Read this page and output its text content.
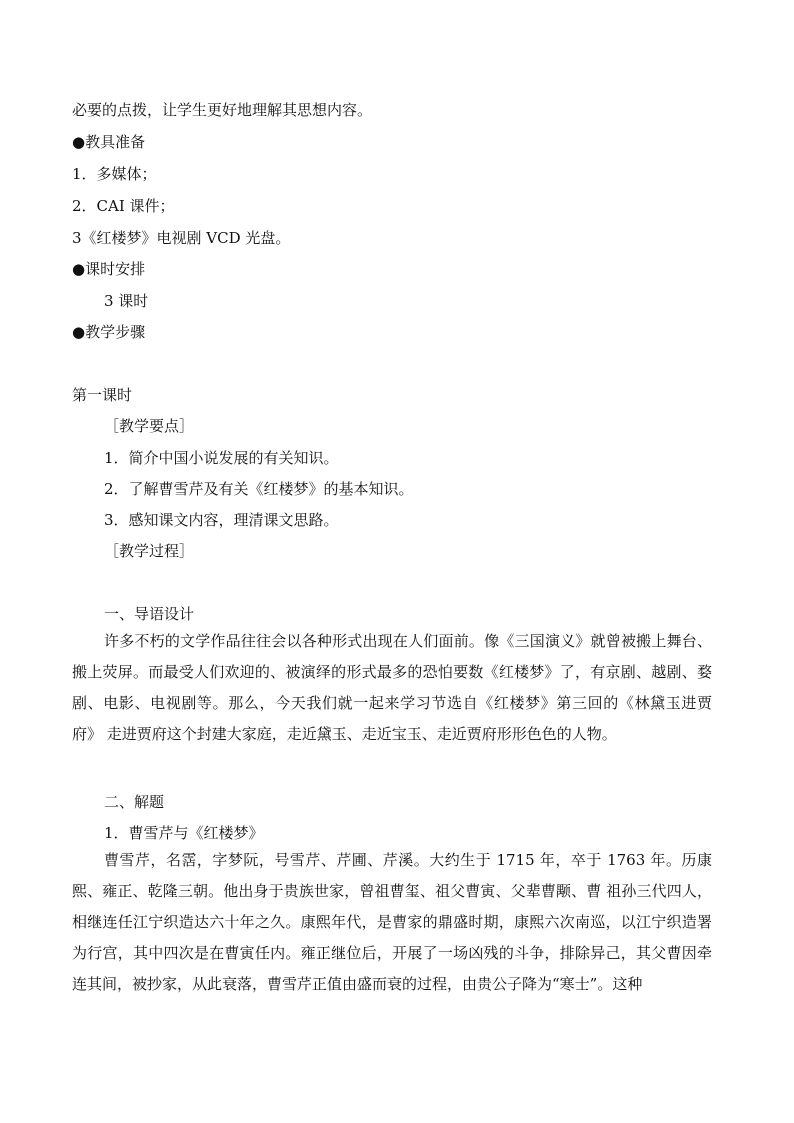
必要的点拨，让学生更好地理解其思想内容。
●教具准备
1．多媒体；
2．CAI 课件；
3《红楼梦》电视剧 VCD 光盘。
●课时安排
3 课时
●教学步骤
第一课时
［教学要点］
1．简介中国小说发展的有关知识。
2．了解曹雪芹及有关《红楼梦》的基本知识。
3．感知课文内容，理清课文思路。
［教学过程］
一、导语设计

许多不朽的文学作品往往会以各种形式出现在人们面前。像《三国演义》就曾被搬上舞台、搬上荧屏。而最受人们欢迎的、被演绎的形式最多的恐怕要数《红楼梦》了，有京剧、越剧、婺剧、电影、电视剧等。那么，今天我们就一起来学习节选自《红楼梦》第三回的《林黛玉进贾府》 走进贾府这个封建大家庭，走近黛玉、走近宝玉、走近贾府形形色色的人物。

二、解题
1．曹雪芹与《红楼梦》

曹雪芹，名霑，字梦阮，号雪芹、芹圃、芹溪。大约生于 1715 年，卒于 1763 年。历康熙、雍正、乾隆三朝。他出身于贵族世家，曾祖曹玺、祖父曹寅、父辈曹颙、曹 祖孙三代四人，相继连任江宁织造达六十年之久。康熙年代，是曹家的鼎盛时期，康熙六次南巡，以江宁织造署为行宫，其中四次是在曹寅任内。雍正继位后，开展了一场凶残的斗争，排除异己，其父曹因牵连其间，被抄家，从此衰落，曹雪芹正值由盛而衰的过程，由贵公子降为“寒士”。这种
